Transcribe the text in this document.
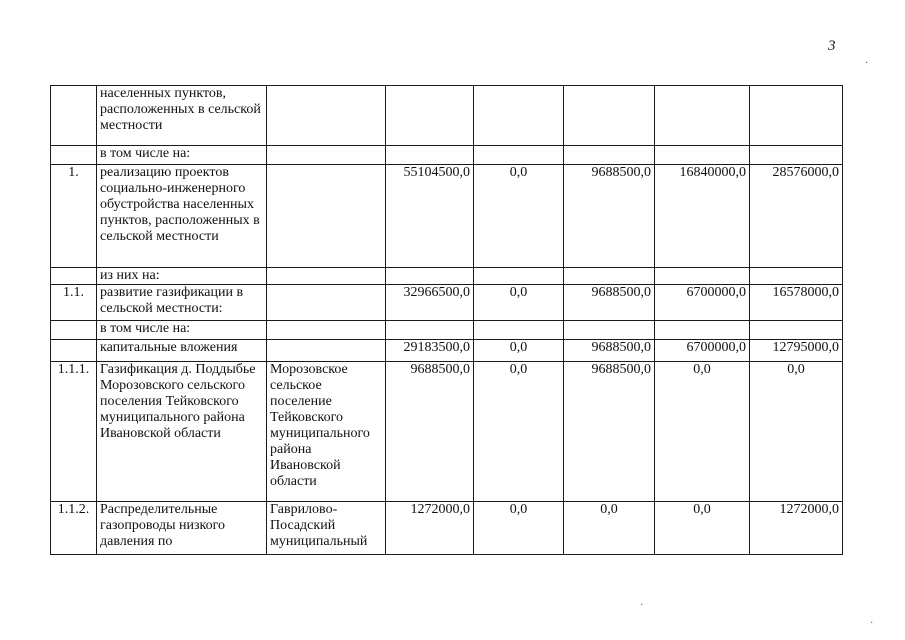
3
·
	населенных пунктов, расположенных в сельской местности						
	в том числе на:						
1.	реализацию проектов социально-инженерного обустройства населенных пунктов, расположенных в сельской местности		55104500,0	0,0	9688500,0	16840000,0	28576000,0
	из них на:						
1.1.	развитие газификации в сельской местности:		32966500,0	0,0	9688500,0	6700000,0	16578000,0
	в том числе на:						
	капитальные вложения		29183500,0	0,0	9688500,0	6700000,0	12795000,0
1.1.1.	Газификация д. Поддыбье Морозовского сельского поселения Тейковского муниципального района Ивановской области	Морозовское сельское поселение Тейковского муниципального района Ивановской области	9688500,0	0,0	9688500,0	0,0	0,0
1.1.2.	Распределительные газопроводы низкого давления по	Гаврилово-Посадский муниципальный	1272000,0	0,0	0,0	0,0	1272000,0
·
·
